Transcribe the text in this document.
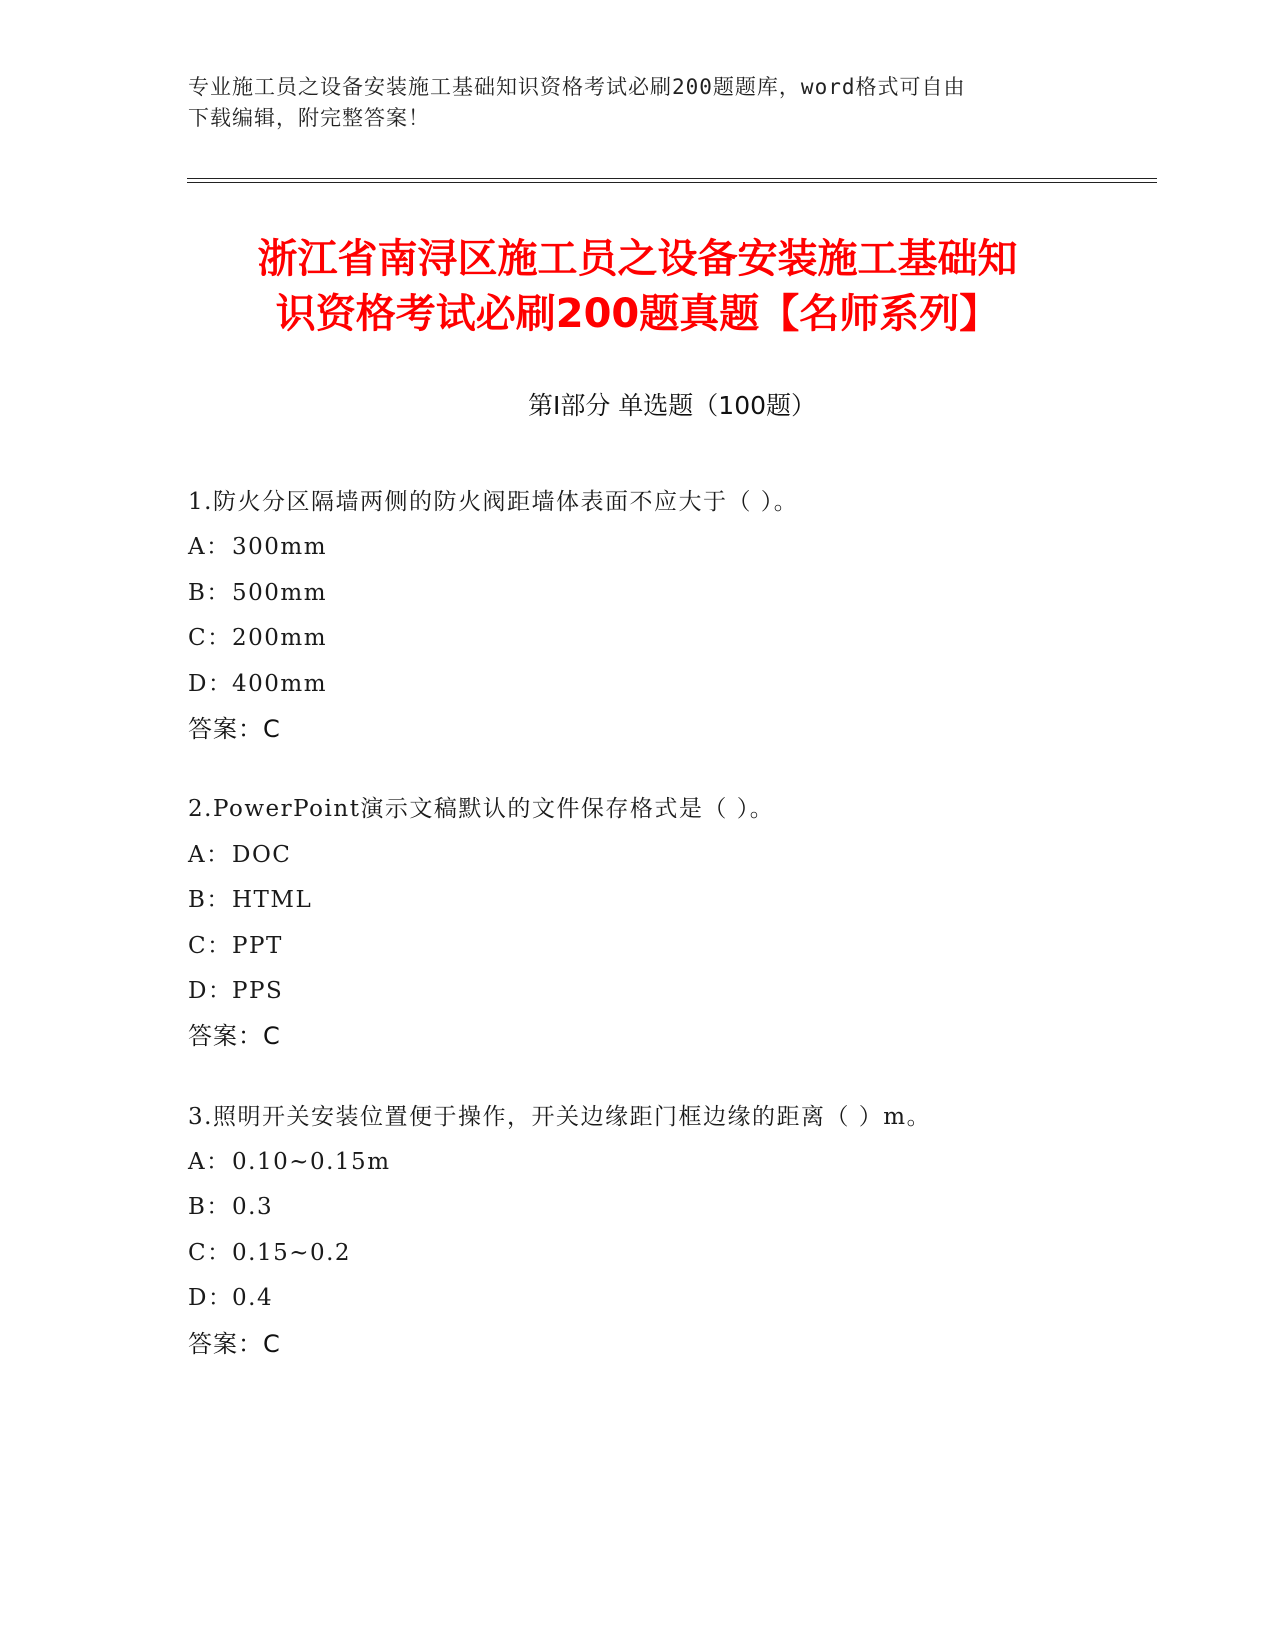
专业施工员之设备安装施工基础知识资格考试必刷200题题库，word格式可自由
下载编辑，附完整答案！
浙江省南浔区施工员之设备安装施工基础知
识资格考试必刷200题真题【名师系列】
第Ⅰ部分 单选题（100题）
1.防火分区隔墙两侧的防火阀距墙体表面不应大于（ ）。
A： 300mm
B： 500mm
C： 200mm
D： 400mm
答案：C
2.PowerPoint演示文稿默认的文件保存格式是（ ）。
A： DOC
B： HTML
C： PPT
D： PPS
答案：C
3.照明开关安装位置便于操作，开关边缘距门框边缘的距离（ ）m。
A： 0.10~0.15m
B： 0.3
C： 0.15~0.2
D： 0.4
答案：C
